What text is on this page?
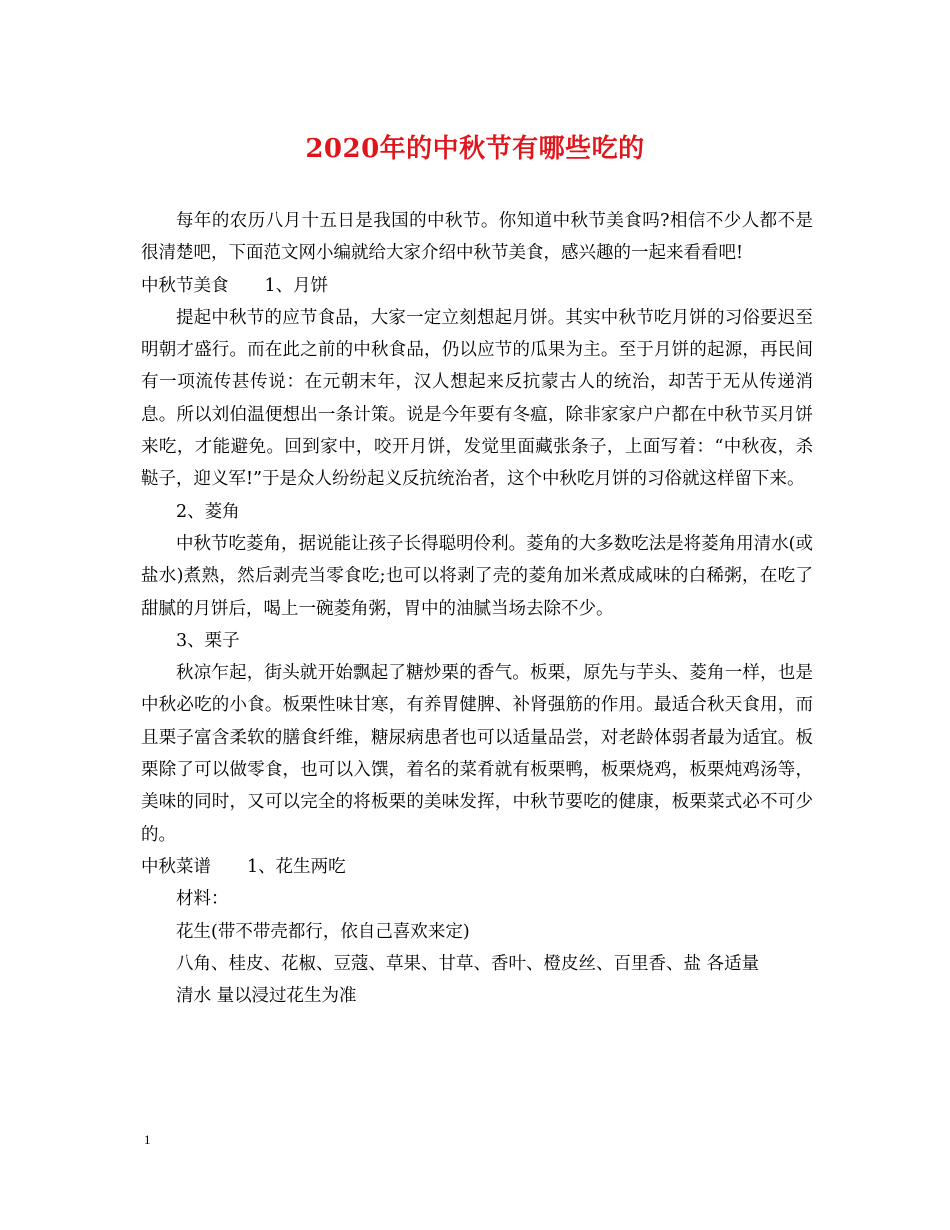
2020年的中秋节有哪些吃的

每年的农历八月十五日是我国的中秋节。你知道中秋节美食吗?相信不少人都不是很清楚吧，下面范文网小编就给大家介绍中秋节美食，感兴趣的一起来看看吧!

中秋节美食 1、月饼

提起中秋节的应节食品，大家一定立刻想起月饼。其实中秋节吃月饼的习俗要迟至明朝才盛行。而在此之前的中秋食品，仍以应节的瓜果为主。至于月饼的起源，再民间有一项流传甚传说：在元朝末年，汉人想起来反抗蒙古人的统治，却苦于无从传递消息。所以刘伯温便想出一条计策。说是今年要有冬瘟，除非家家户户都在中秋节买月饼来吃，才能避免。回到家中，咬开月饼，发觉里面藏张条子，上面写着：“中秋夜，杀鞑子，迎义军!”于是众人纷纷起义反抗统治者，这个中秋吃月饼的习俗就这样留下来。

2、菱角

中秋节吃菱角，据说能让孩子长得聪明伶利。菱角的大多数吃法是将菱角用清水(或盐水)煮熟，然后剥壳当零食吃;也可以将剥了壳的菱角加米煮成咸味的白稀粥，在吃了甜腻的月饼后，喝上一碗菱角粥，胃中的油腻当场去除不少。

3、栗子

秋凉乍起，街头就开始飘起了糖炒栗的香气。板栗，原先与芋头、菱角一样，也是中秋必吃的小食。板栗性味甘寒，有养胃健脾、补肾强筋的作用。最适合秋天食用，而且栗子富含柔软的膳食纤维，糖尿病患者也可以适量品尝，对老龄体弱者最为适宜。板栗除了可以做零食，也可以入馔，着名的菜肴就有板栗鸭，板栗烧鸡，板栗炖鸡汤等，美味的同时，又可以完全的将板栗的美味发挥，中秋节要吃的健康，板栗菜式必不可少的。

中秋菜谱 1、花生两吃

材料：

花生(带不带壳都行，依自己喜欢来定)

八角、桂皮、花椒、豆蔻、草果、甘草、香叶、橙皮丝、百里香、盐 各适量

清水 量以浸过花生为准

1
